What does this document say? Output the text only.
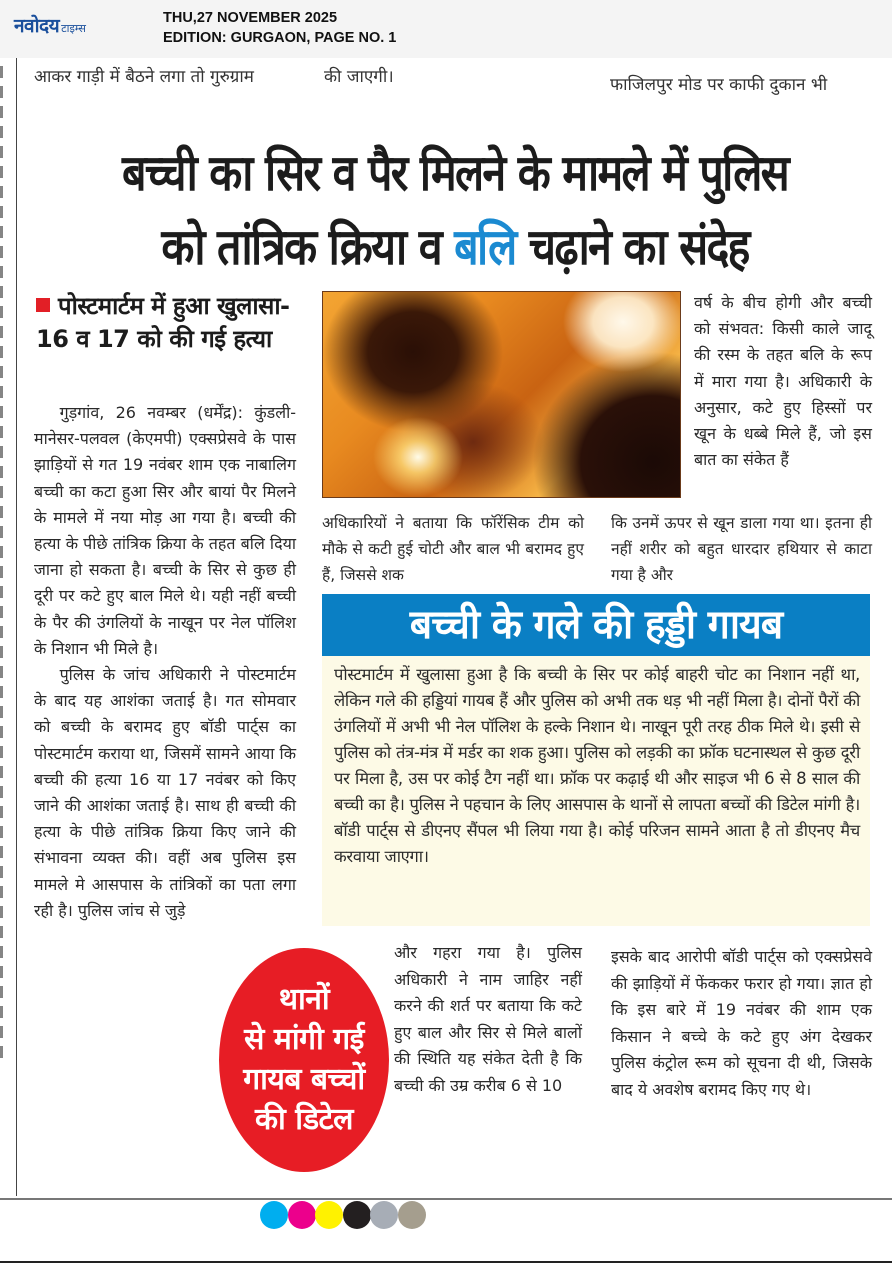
नवोदय टाइम्स
THU,27 NOVEMBER 2025
EDITION: GURGAON, PAGE NO. 1
आकर गाड़ी में बैठने लगा तो गुरुग्राम	की जाएगी।	फाजिलपुर मोड पर काफी दुकान भी
बच्ची का सिर व पैर मिलने के मामले में पुलिस
को तांत्रिक क्रिया व बलि चढ़ाने का संदेह
पोस्टमार्टम में हुआ खुलासा- 16 व 17 को की गई हत्या

गुड़गांव, 26 नवम्बर (धर्मेंद्र): कुंडली-मानेसर-पलवल (केएमपी) एक्सप्रेसवे के पास झाड़ियों से गत 19 नवंबर शाम एक नाबालिग बच्ची का कटा हुआ सिर और बायां पैर मिलने के मामले में नया मोड़ आ गया है। बच्ची की हत्या के पीछे तांत्रिक क्रिया के तहत बलि दिया जाना हो सकता है। बच्ची के सिर से कुछ ही दूरी पर कटे हुए बाल मिले थे। यही नहीं बच्ची के पैर की उंगलियों के नाखून पर नेल पॉलिश के निशान भी मिले है।

पुलिस के जांच अधिकारी ने पोस्टमार्टम के बाद यह आशंका जताई है। गत सोमवार को बच्ची के बरामद हुए बॉडी पार्ट्स का पोस्टमार्टम कराया था, जिसमें सामने आया कि बच्ची की हत्या 16 या 17 नवंबर को किए जाने की आशंका जताई है। साथ ही बच्ची की हत्या के पीछे तांत्रिक क्रिया किए जाने की संभावना व्यक्त की। वहीं अब पुलिस इस मामले मे आसपास के तांत्रिकों का पता लगा रही है। पुलिस जांच से जुड़े

अधिकारियों ने बताया कि फॉरेंसिक टीम को मौके से कटी हुई चोटी और बाल भी बरामद हुए हैं, जिससे शक

वर्ष के बीच होगी और बच्ची को संभवत: किसी काले जादू की रस्म के तहत बलि के रूप में मारा गया है। अधिकारी के अनुसार, कटे हुए हिस्सों पर खून के धब्बे मिले हैं, जो इस बात का संकेत हैं

कि उनमें ऊपर से खून डाला गया था। इतना ही नहीं शरीर को बहुत धारदार हथियार से काटा गया है और

बच्ची के गले की हड्डी गायब
पोस्टमार्टम में खुलासा हुआ है कि बच्ची के सिर पर कोई बाहरी चोट का निशान नहीं था, लेकिन गले की हड्डियां गायब हैं और पुलिस को अभी तक धड़ भी नहीं मिला है। दोनों पैरों की उंगलियों में अभी भी नेल पॉलिश के हल्के निशान थे। नाखून पूरी तरह ठीक मिले थे। इसी से पुलिस को तंत्र-मंत्र में मर्डर का शक हुआ। पुलिस को लड़की का फ्रॉक घटनास्थल से कुछ दूरी पर मिला है, उस पर कोई टैग नहीं था। फ्रॉक पर कढ़ाई थी और साइज भी 6 से 8 साल की बच्ची का है। पुलिस ने पहचान के लिए आसपास के थानों से लापता बच्चों की डिटेल मांगी है। बॉडी पार्ट्स से डीएनए सैंपल भी लिया गया है। कोई परिजन सामने आता है तो डीएनए मैच करवाया जाएगा।

और गहरा गया है। पुलिस अधिकारी ने नाम जाहिर नहीं करने की शर्त पर बताया कि कटे हुए बाल और सिर से मिले बालों की स्थिति यह संकेत देती है कि बच्ची की उम्र करीब 6 से 10

इसके बाद आरोपी बॉडी पार्ट्स को एक्सप्रेसवे की झाड़ियों में फेंककर फरार हो गया। ज्ञात हो कि इस बारे में 19 नवंबर की शाम एक किसान ने बच्चे के कटे हुए अंग देखकर पुलिस कंट्रोल रूम को सूचना दी थी, जिसके बाद ये अवशेष बरामद किए गए थे।

थानों
से मांगी गई
गायब बच्चों
की डिटेल
